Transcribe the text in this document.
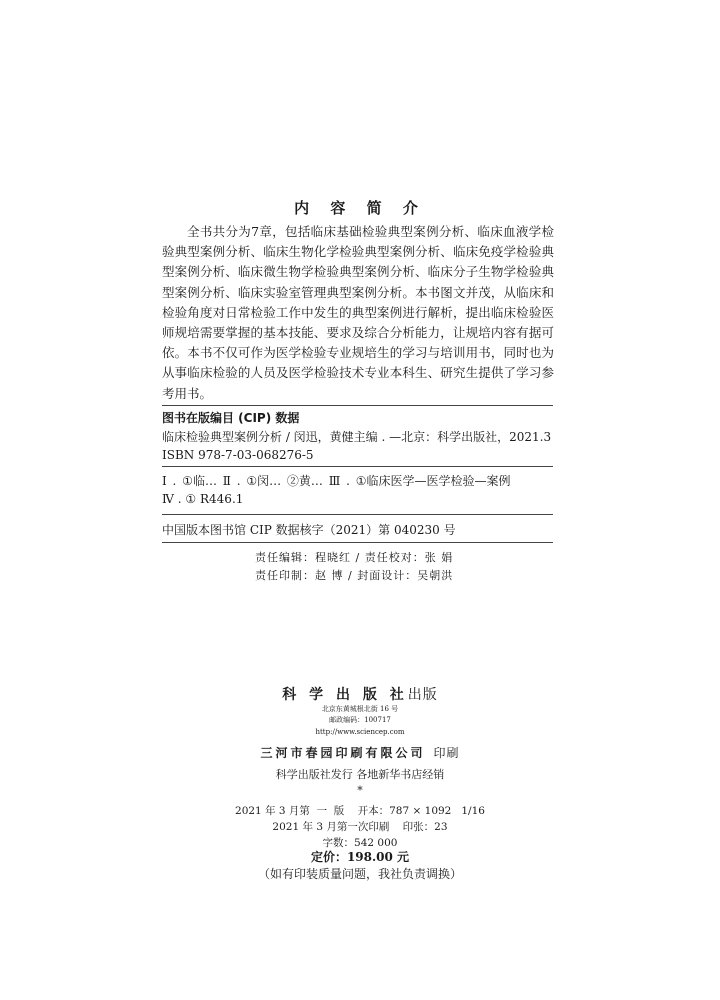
内 容 简 介

全书共分为7章，包括临床基础检验典型案例分析、临床血液学检验典型案例分析、临床生物化学检验典型案例分析、临床免疫学检验典型案例分析、临床微生物学检验典型案例分析、临床分子生物学检验典型案例分析、临床实验室管理典型案例分析。本书图文并茂，从临床和检验角度对日常检验工作中发生的典型案例进行解析，提出临床检验医师规培需要掌握的基本技能、要求及综合分析能力，让规培内容有据可依。本书不仅可作为医学检验专业规培生的学习与培训用书，同时也为从事临床检验的人员及医学检验技术专业本科生、研究生提供了学习参考用书。

图书在版编目 (CIP) 数据
临床检验典型案例分析 / 闵迅，黄健主编 . —北京：科学出版社，2021.3
ISBN 978-7-03-068276-5
Ⅰ . ①临… Ⅱ . ①闵… ②黄… Ⅲ . ①临床医学—医学检验—案例
Ⅳ . ① R446.1
中国版本图书馆 CIP 数据核字（2021）第 040230 号
责任编辑：程晓红 / 责任校对：张 娟
责任印制：赵 博 / 封面设计：吴朝洪
科 学 出 版 社出版
北京东黄城根北街 16 号
邮政编码：100717
http://www.sciencep.com
三河市春园印刷有限公司 印刷
科学出版社发行 各地新华书店经销
*
2021 年 3 月第  一  版    开本：787 × 1092   1/16
2021 年 3 月第一次印刷    印张：23
字数：542 000
定价：198.00 元
（如有印装质量问题，我社负责调换）
